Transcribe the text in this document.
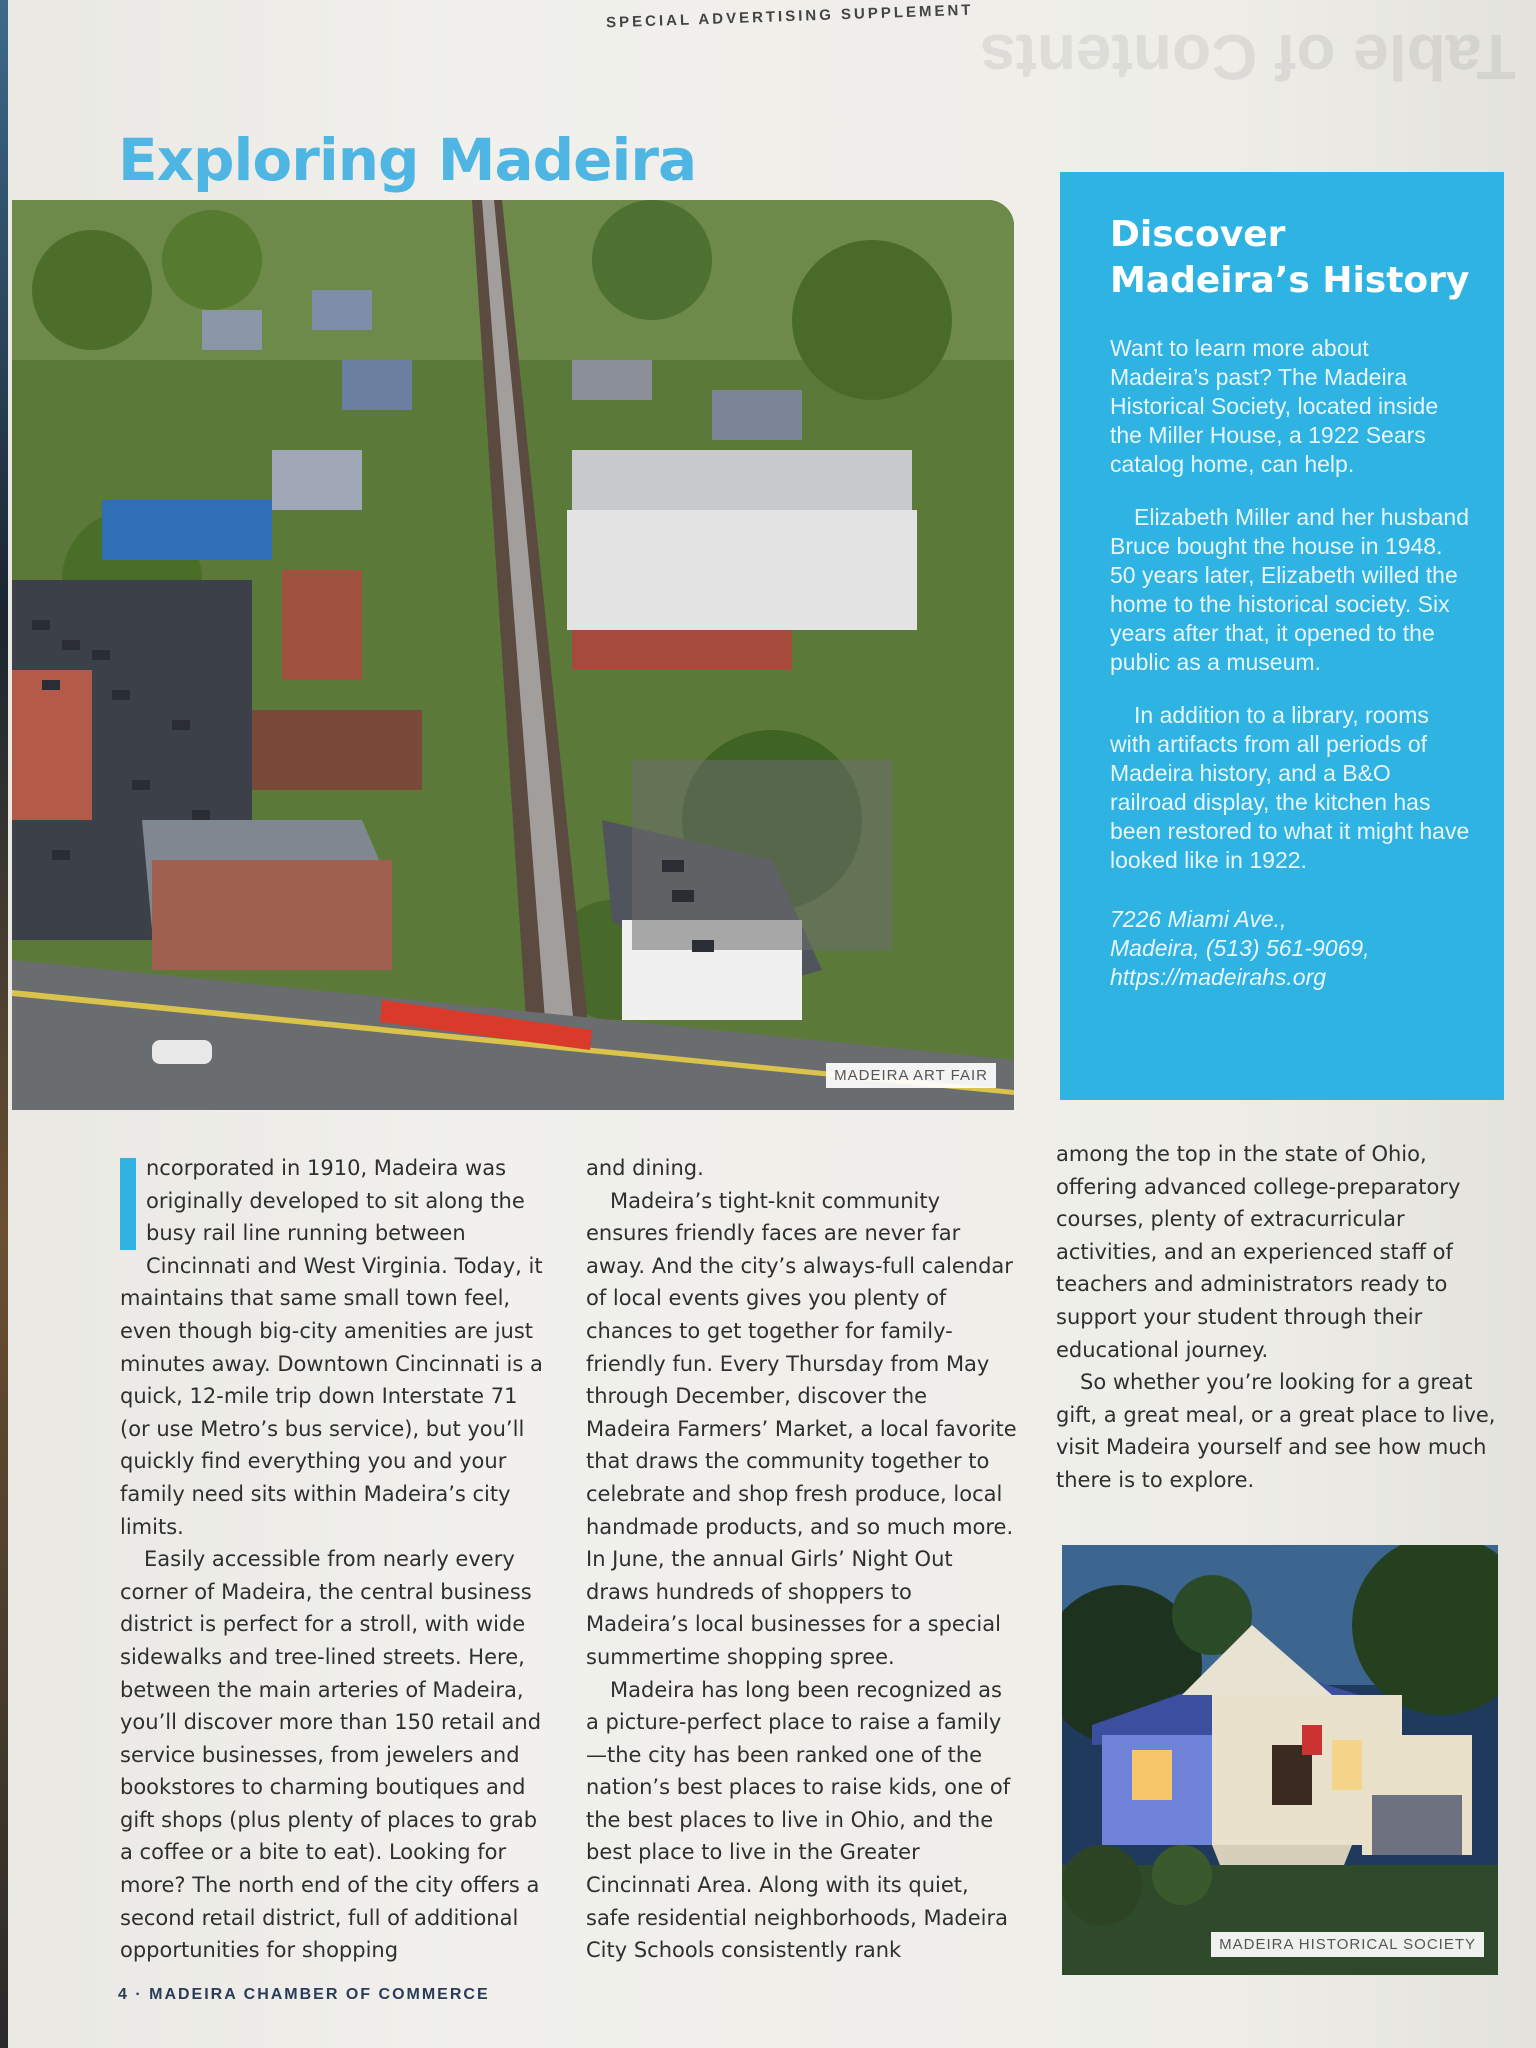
Table of Contents
SPECIAL ADVERTISING SUPPLEMENT
Exploring Madeira
MADEIRA ART FAIR
Discover Madeira’s History

Want to learn more about Madeira’s past? The Madeira Historical Society, located inside the Miller House, a 1922 Sears catalog home, can help.

Elizabeth Miller and her husband Bruce bought the house in 1948. 50 years later, Elizabeth willed the home to the historical society. Six years after that, it opened to the public as a museum.

In addition to a library, rooms with artifacts from all periods of Madeira history, and a B&O railroad display, the kitchen has been restored to what it might have looked like in 1922.

7226 Miami Ave.,
Madeira, (513) 561-9069,
https://madeirahs.org

ncorporated in 1910, Madeira was originally developed to sit along the busy rail line running between Cincinnati and West Virginia. Today, it maintains that same small town feel, even though big-city amenities are just minutes away. Downtown Cincinnati is a quick, 12-mile trip down Interstate 71 (or use Metro’s bus service), but you’ll quickly find everything you and your family need sits within Madeira’s city limits.

Easily accessible from nearly every corner of Madeira, the central business district is perfect for a stroll, with wide sidewalks and tree-lined streets. Here, between the main arteries of Madeira, you’ll discover more than 150 retail and service businesses, from jewelers and bookstores to charming boutiques and gift shops (plus plenty of places to grab a coffee or a bite to eat). Looking for more? The north end of the city offers a second retail district, full of additional opportunities for shopping

and dining.

Madeira’s tight-knit community ensures friendly faces are never far away. And the city’s always-full calendar of local events gives you plenty of chances to get together for family-friendly fun. Every Thursday from May through December, discover the Madeira Farmers’ Market, a local favorite that draws the community together to celebrate and shop fresh produce, local handmade products, and so much more. In June, the annual Girls’ Night Out draws hundreds of shoppers to Madeira’s local businesses for a special summertime shopping spree.

Madeira has long been recognized as a picture-perfect place to raise a family—the city has been ranked one of the nation’s best places to raise kids, one of the best places to live in Ohio, and the best place to live in the Greater Cincinnati Area. Along with its quiet, safe residential neighborhoods, Madeira City Schools consistently rank

among the top in the state of Ohio, offering advanced college-preparatory courses, plenty of extracurricular activities, and an experienced staff of teachers and administrators ready to support your student through their educational journey.

So whether you’re looking for a great gift, a great meal, or a great place to live, visit Madeira yourself and see how much there is to explore.

MADEIRA HISTORICAL SOCIETY
4 · MADEIRA CHAMBER OF COMMERCE
